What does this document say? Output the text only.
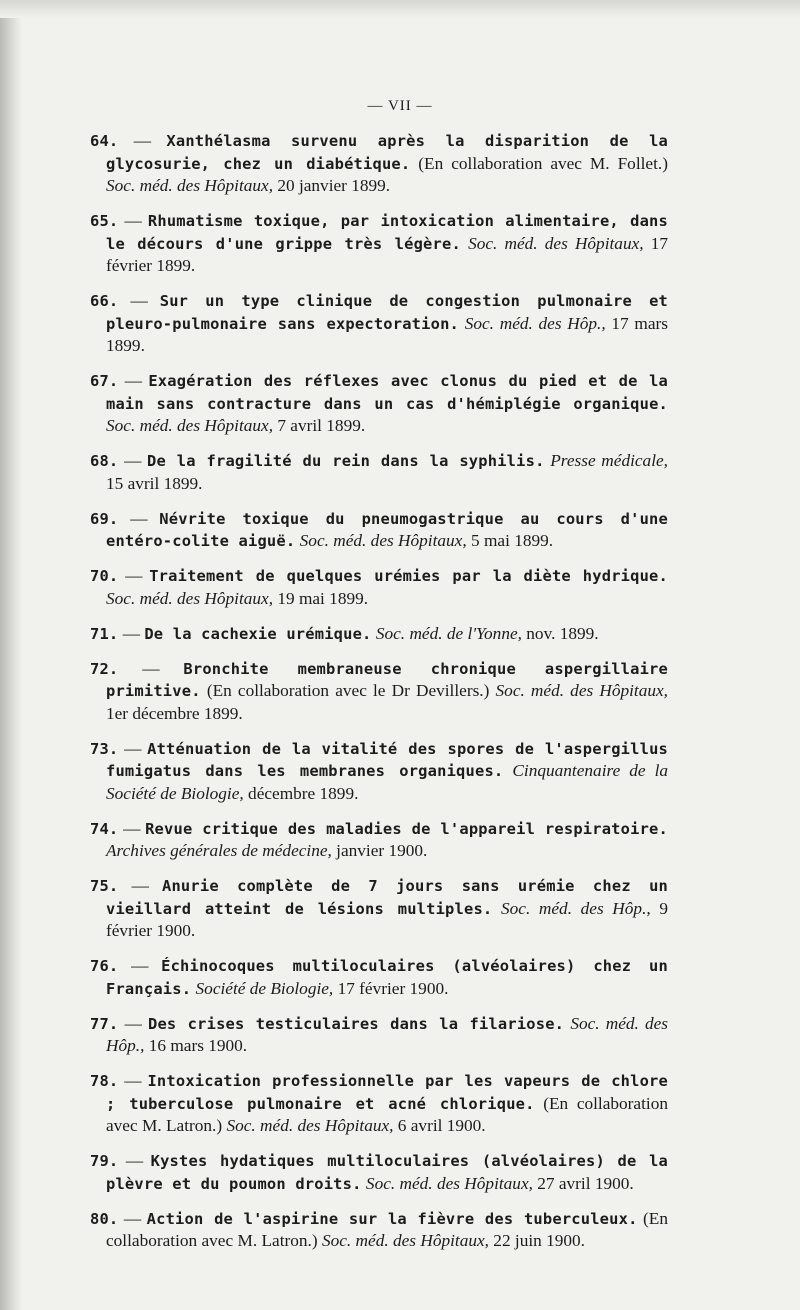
— VII —

64. — Xanthélasma survenu après la disparition de la glycosurie, chez un diabétique. (En collaboration avec M. Follet.) Soc. méd. des Hôpitaux, 20 janvier 1899.

65. — Rhumatisme toxique, par intoxication alimentaire, dans le décours d'une grippe très légère. Soc. méd. des Hôpitaux, 17 février 1899.

66. — Sur un type clinique de congestion pulmonaire et pleuro-pulmonaire sans expectoration. Soc. méd. des Hôp., 17 mars 1899.

67. — Exagération des réflexes avec clonus du pied et de la main sans contracture dans un cas d'hémiplégie organique. Soc. méd. des Hôpitaux, 7 avril 1899.

68. — De la fragilité du rein dans la syphilis. Presse médicale, 15 avril 1899.

69. — Névrite toxique du pneumogastrique au cours d'une entéro-colite aiguë. Soc. méd. des Hôpitaux, 5 mai 1899.

70. — Traitement de quelques urémies par la diète hydrique. Soc. méd. des Hôpitaux, 19 mai 1899.

71. — De la cachexie urémique. Soc. méd. de l'Yonne, nov. 1899.

72. — Bronchite membraneuse chronique aspergillaire primitive. (En collaboration avec le Dr Devillers.) Soc. méd. des Hôpitaux, 1er décembre 1899.

73. — Atténuation de la vitalité des spores de l'aspergillus fumigatus dans les membranes organiques. Cinquantenaire de la Société de Biologie, décembre 1899.

74. — Revue critique des maladies de l'appareil respiratoire. Archives générales de médecine, janvier 1900.

75. — Anurie complète de 7 jours sans urémie chez un vieillard atteint de lésions multiples. Soc. méd. des Hôp., 9 février 1900.

76. — Échinocoques multiloculaires (alvéolaires) chez un Français. Société de Biologie, 17 février 1900.

77. — Des crises testiculaires dans la filariose. Soc. méd. des Hôp., 16 mars 1900.

78. — Intoxication professionnelle par les vapeurs de chlore ; tuberculose pulmonaire et acné chlorique. (En collaboration avec M. Latron.) Soc. méd. des Hôpitaux, 6 avril 1900.

79. — Kystes hydatiques multiloculaires (alvéolaires) de la plèvre et du poumon droits. Soc. méd. des Hôpitaux, 27 avril 1900.

80. — Action de l'aspirine sur la fièvre des tuberculeux. (En collaboration avec M. Latron.) Soc. méd. des Hôpitaux, 22 juin 1900.
